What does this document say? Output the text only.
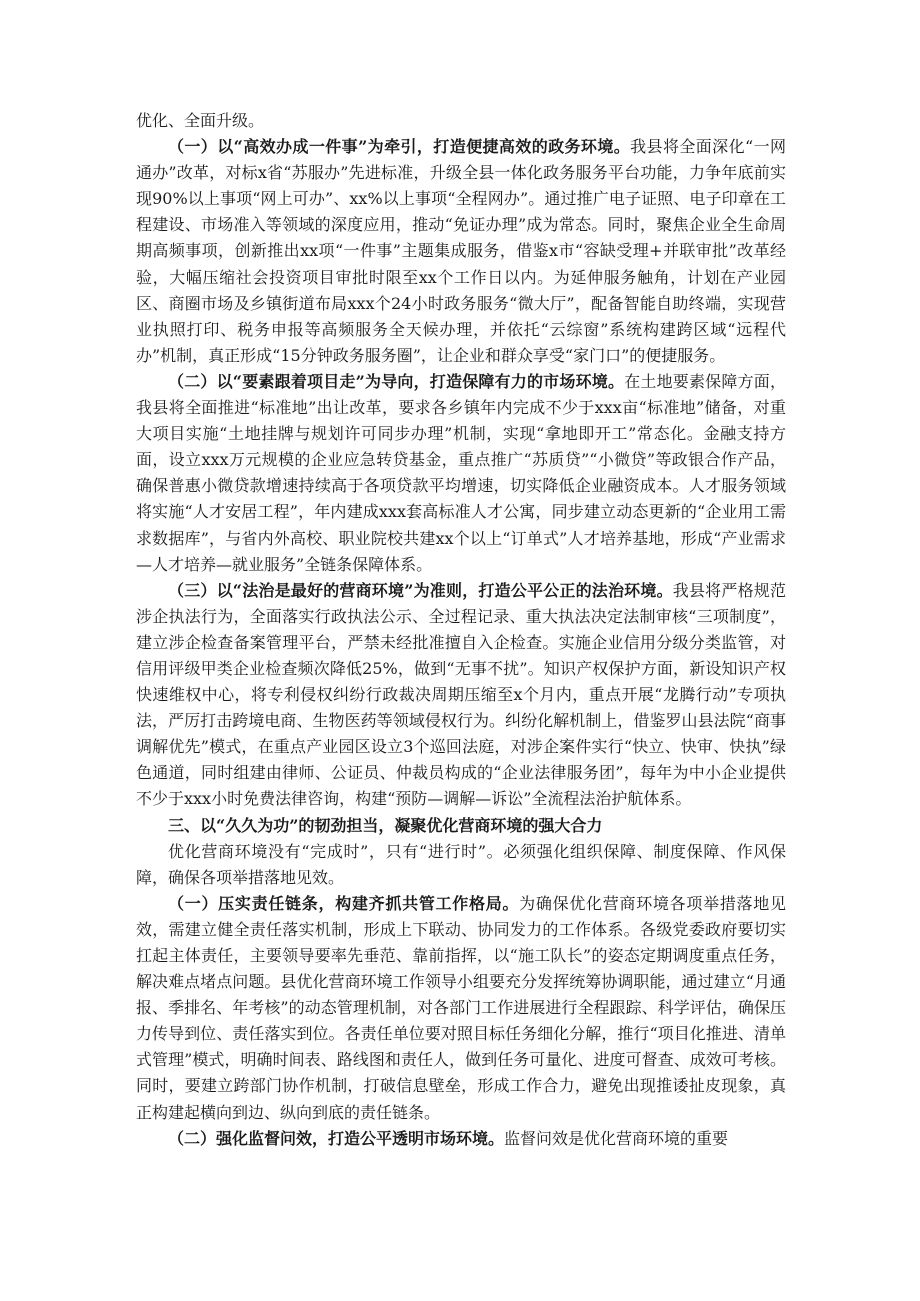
优化、全面升级。

（一）以“高效办成一件事”为牵引，打造便捷高效的政务环境。我县将全面深化“一网通办”改革，对标x省“苏服办”先进标准，升级全县一体化政务服务平台功能，力争年底前实现90%以上事项“网上可办”、xx%以上事项“全程网办”。通过推广电子证照、电子印章在工程建设、市场准入等领域的深度应用，推动“免证办理”成为常态。同时，聚焦企业全生命周期高频事项，创新推出xx项“一件事”主题集成服务，借鉴x市“容缺受理+并联审批”改革经验，大幅压缩社会投资项目审批时限至xx个工作日以内。为延伸服务触角，计划在产业园区、商圈市场及乡镇街道布局xxx个24小时政务服务“微大厅”，配备智能自助终端，实现营业执照打印、税务申报等高频服务全天候办理，并依托“云综窗”系统构建跨区域“远程代办”机制，真正形成“15分钟政务服务圈”，让企业和群众享受“家门口”的便捷服务。

（二）以“要素跟着项目走”为导向，打造保障有力的市场环境。在土地要素保障方面，我县将全面推进“标准地”出让改革，要求各乡镇年内完成不少于xxx亩“标准地”储备，对重大项目实施“土地挂牌与规划许可同步办理”机制，实现“拿地即开工”常态化。金融支持方面，设立xxx万元规模的企业应急转贷基金，重点推广“苏质贷”“小微贷”等政银合作产品，确保普惠小微贷款增速持续高于各项贷款平均增速，切实降低企业融资成本。人才服务领域将实施“人才安居工程”，年内建成xxx套高标准人才公寓，同步建立动态更新的“企业用工需求数据库”，与省内外高校、职业院校共建xx个以上“订单式”人才培养基地，形成“产业需求—人才培养—就业服务”全链条保障体系。

（三）以“法治是最好的营商环境”为准则，打造公平公正的法治环境。我县将严格规范涉企执法行为，全面落实行政执法公示、全过程记录、重大执法决定法制审核“三项制度”，建立涉企检查备案管理平台，严禁未经批准擅自入企检查。实施企业信用分级分类监管，对信用评级甲类企业检查频次降低25%，做到“无事不扰”。知识产权保护方面，新设知识产权快速维权中心，将专利侵权纠纷行政裁决周期压缩至x个月内，重点开展“龙腾行动”专项执法，严厉打击跨境电商、生物医药等领域侵权行为。纠纷化解机制上，借鉴罗山县法院“商事调解优先”模式，在重点产业园区设立3个巡回法庭，对涉企案件实行“快立、快审、快执”绿色通道，同时组建由律师、公证员、仲裁员构成的“企业法律服务团”，每年为中小企业提供不少于xxx小时免费法律咨询，构建“预防—调解—诉讼”全流程法治护航体系。

三、以“久久为功”的韧劲担当，凝聚优化营商环境的强大合力

优化营商环境没有“完成时”，只有“进行时”。必须强化组织保障、制度保障、作风保障，确保各项举措落地见效。

（一）压实责任链条，构建齐抓共管工作格局。为确保优化营商环境各项举措落地见效，需建立健全责任落实机制，形成上下联动、协同发力的工作体系。各级党委政府要切实扛起主体责任，主要领导要率先垂范、靠前指挥，以“施工队长”的姿态定期调度重点任务，解决难点堵点问题。县优化营商环境工作领导小组要充分发挥统筹协调职能，通过建立“月通报、季排名、年考核”的动态管理机制，对各部门工作进展进行全程跟踪、科学评估，确保压力传导到位、责任落实到位。各责任单位要对照目标任务细化分解，推行“项目化推进、清单式管理”模式，明确时间表、路线图和责任人，做到任务可量化、进度可督查、成效可考核。同时，要建立跨部门协作机制，打破信息壁垒，形成工作合力，避免出现推诿扯皮现象，真正构建起横向到边、纵向到底的责任链条。

（二）强化监督问效，打造公平透明市场环境。监督问效是优化营商环境的重要
